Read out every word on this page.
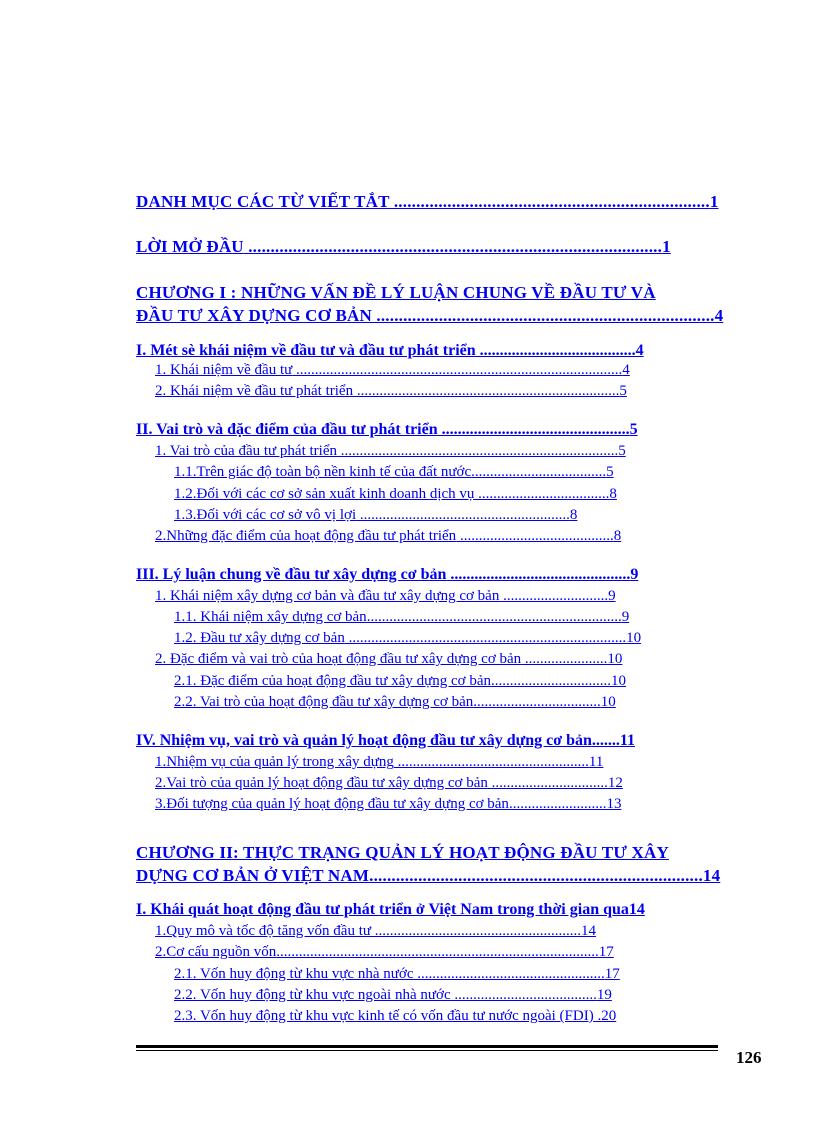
DANH MỤC CÁC TỪ VIẾT TẮT .......................................................................1
LỜI MỞ ĐẦU .............................................................................................1
CHƯƠNG I : NHỮNG VẤN ĐỀ LÝ LUẬN CHUNG VỀ ĐẦU TƯ VÀ
ĐẦU TƯ XÂY DỰNG CƠ BẢN ............................................................................4
I. Mét sè khái niệm về đầu tư và đầu tư phát triển .......................................4
1. Khái niệm về đầu tư .......................................................................................4
2. Khái niệm về đầu tư phát triển ......................................................................5
II. Vai trò và đặc điểm của đầu tư phát triển ...............................................5
1. Vai trò của đầu tư phát triển ..........................................................................5
1.1.Trên giác độ toàn bộ nền kinh tế của đất nước....................................5
1.2.Đối với các cơ sở sản xuất kinh doanh dịch vụ ...................................8
1.3.Đối với các cơ sở vô vị lợi ........................................................8
2.Những đặc điểm của hoạt động đầu tư phát triển .........................................8
III. Lý luận chung về đầu tư xây dựng cơ bản .............................................9
1. Khái niệm xây dựng cơ bản và đầu tư xây dựng cơ bản ............................9
1.1. Khái niệm xây dựng cơ bản....................................................................9
1.2. Đầu tư xây dựng cơ bản ..........................................................................10
2. Đặc điểm và vai trò của hoạt động đầu tư xây dựng cơ bản ......................10
2.1. Đặc điểm của hoạt động đầu tư xây dựng cơ bản................................10
2.2. Vai trò của hoạt động đầu tư xây dựng cơ bản..................................10
IV. Nhiệm vụ, vai trò và quản lý hoạt động đầu tư xây dựng cơ bản.......11
1.Nhiệm vụ của quản lý trong xây dựng ...................................................11
2.Vai trò của quản lý hoạt động đầu tư xây dựng cơ bản ...............................12
3.Đối tượng của quản lý hoạt động đầu tư xây dựng cơ bản..........................13
CHƯƠNG II: THỰC TRẠNG QUẢN LÝ HOẠT ĐỘNG ĐẦU TƯ XÂY
DỰNG CƠ BẢN Ở VIỆT NAM...........................................................................14
I. Khái quát hoạt động đầu tư phát triển ở Việt Nam trong thời gian qua14
1.Quy mô và tốc độ tăng vốn đầu tư .......................................................14
2.Cơ cấu nguồn vốn......................................................................................17
2.1. Vốn huy động từ khu vực nhà nước ..................................................17
2.2. Vốn huy động từ khu vực ngoài nhà nước ......................................19
2.3. Vốn huy động từ khu vực kinh tế có vốn đầu tư nước ngoài (FDI) .20
126
